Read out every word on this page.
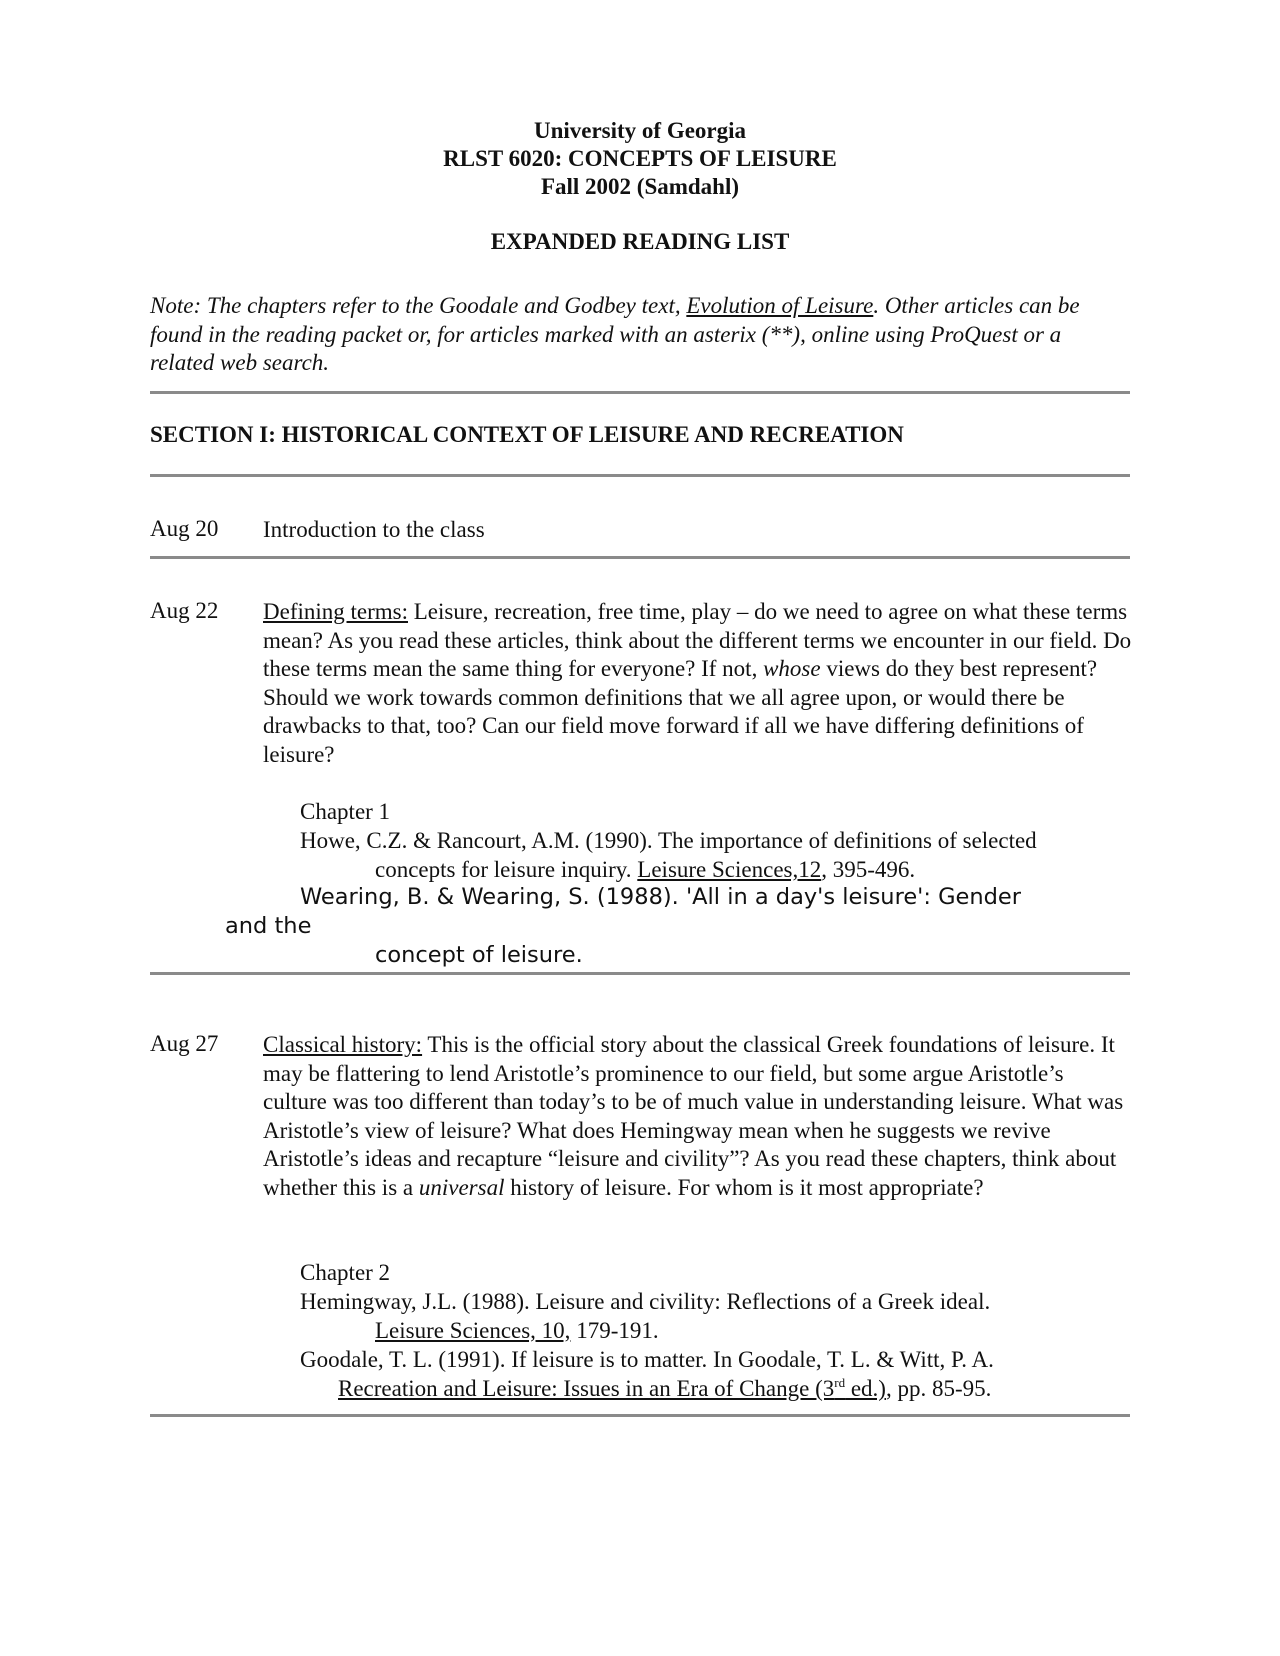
University of Georgia
RLST 6020: CONCEPTS OF LEISURE
Fall 2002 (Samdahl)
EXPANDED READING LIST
Note: The chapters refer to the Goodale and Godbey text, Evolution of Leisure. Other articles can be found in the reading packet or, for articles marked with an asterix (**), online using ProQuest or a related web search.
SECTION I: HISTORICAL CONTEXT OF LEISURE AND RECREATION
Aug 20 Introduction to the class
Aug 22 Defining terms: Leisure, recreation, free time, play – do we need to agree on what these terms mean? As you read these articles, think about the different terms we encounter in our field. Do these terms mean the same thing for everyone? If not, whose views do they best represent? Should we work towards common definitions that we all agree upon, or would there be drawbacks to that, too? Can our field move forward if all we have differing definitions of leisure?
Chapter 1
Howe, C.Z. & Rancourt, A.M. (1990). The importance of definitions of selected
concepts for leisure inquiry. Leisure Sciences,12, 395-496.
Wearing, B. & Wearing, S. (1988). 'All in a day's leisure': Gender
and the
concept of leisure.
Aug 27 Classical history: This is the official story about the classical Greek foundations of leisure. It may be flattering to lend Aristotle’s prominence to our field, but some argue Aristotle’s culture was too different than today’s to be of much value in understanding leisure. What was Aristotle’s view of leisure? What does Hemingway mean when he suggests we revive Aristotle’s ideas and recapture “leisure and civility”? As you read these chapters, think about whether this is a universal history of leisure. For whom is it most appropriate?
Chapter 2
Hemingway, J.L. (1988). Leisure and civility: Reflections of a Greek ideal.
Leisure Sciences, 10, 179-191.
Goodale, T. L. (1991). If leisure is to matter. In Goodale, T. L. & Witt, P. A.
Recreation and Leisure: Issues in an Era of Change (3rd ed.), pp. 85-95.
